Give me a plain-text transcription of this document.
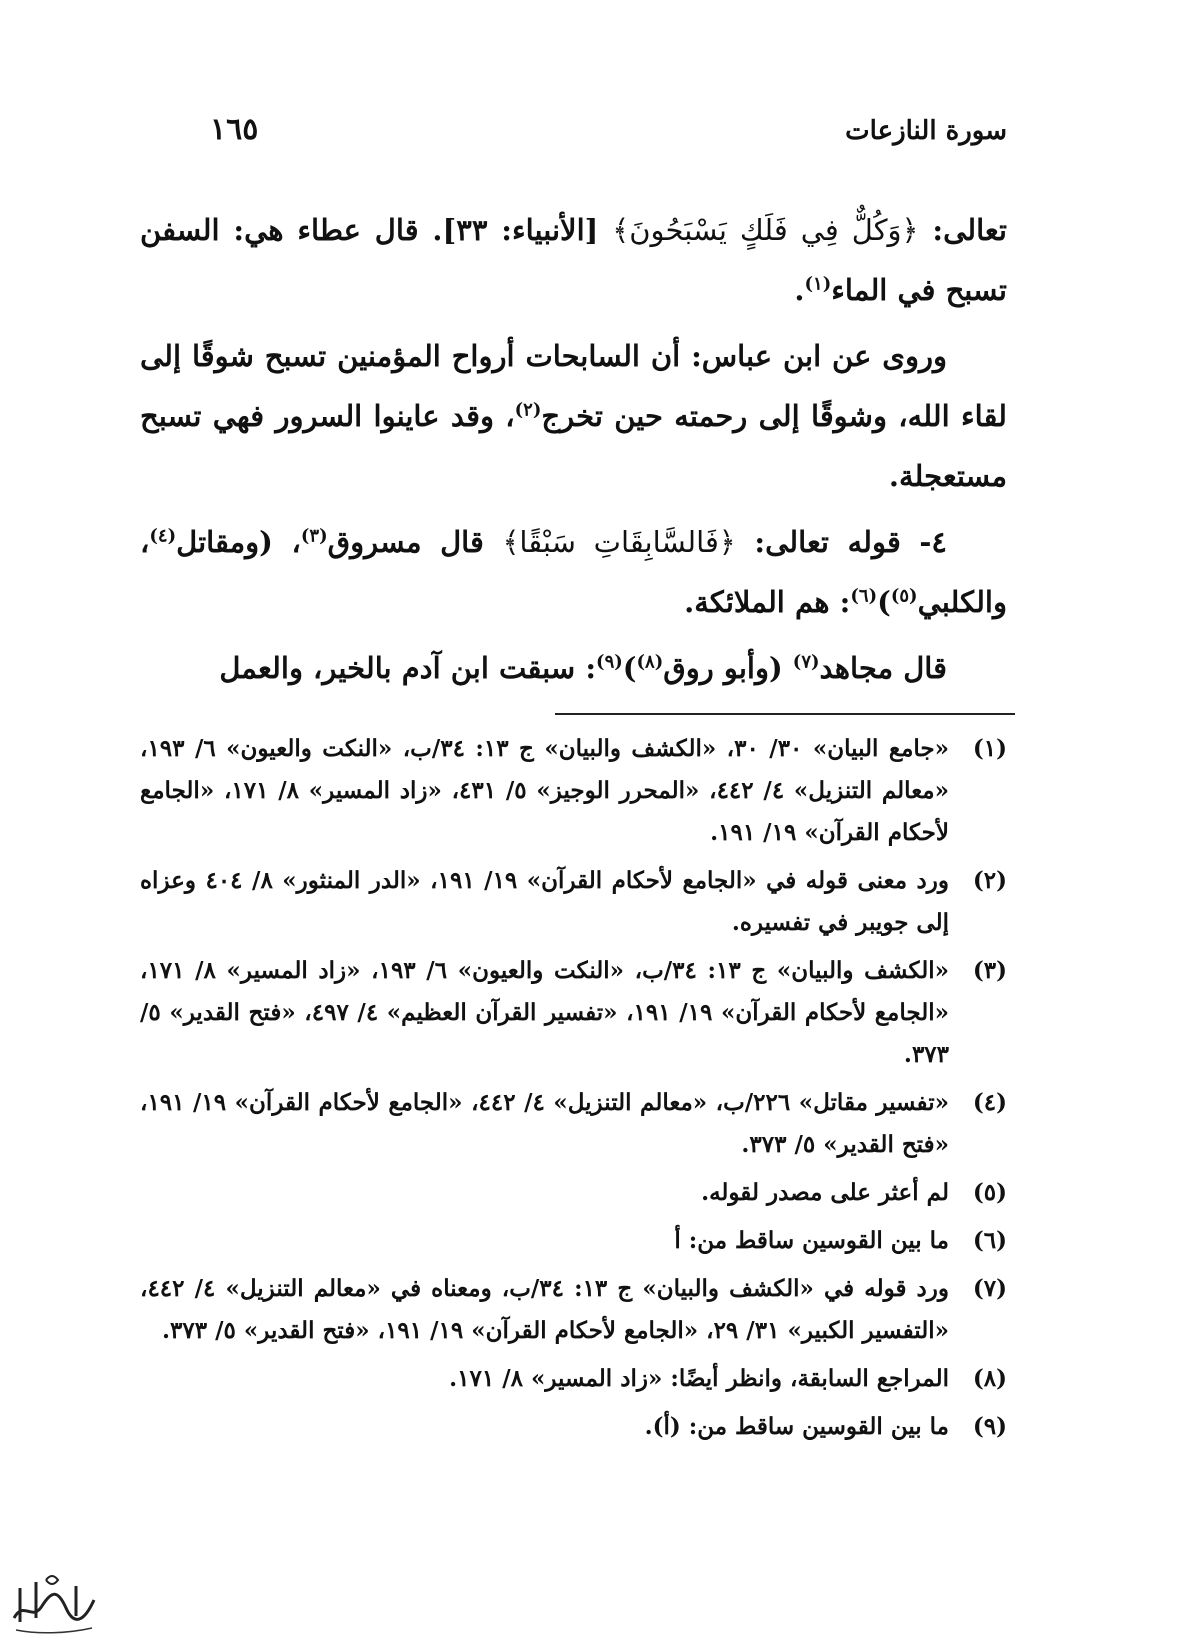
سورة النازعات
١٦٥

تعالى: ﴿وَكُلٌّ فِي فَلَكٍ يَسْبَحُونَ﴾ [الأنبياء: ٣٣]. قال عطاء هي: السفن تسبح في الماء$^{(١)}$.

وروى عن ابن عباس: أن السابحات أرواح المؤمنين تسبح شوقًا إلى لقاء الله، وشوقًا إلى رحمته حين تخرج$^{(٢)}$، وقد عاينوا السرور فهي تسبح مستعجلة.

٤- قوله تعالى: ﴿فَالسَّابِقَاتِ سَبْقًا﴾ قال مسروق$^{(٣)}$، (ومقاتل$^{(٤)}$، والكلبي$^{(٥)}$)$^{(٦)}$: هم الملائكة.

قال مجاهد$^{(٧)}$ (وأبو روق$^{(٨)}$)$^{(٩)}$: سبقت ابن آدم بالخير، والعمل

(١)
«جامع البيان» ٣٠/ ٣٠، «الكشف والبيان» ج ١٣: ٣٤/ب، «النكت والعيون» ٦/ ١٩٣، «معالم التنزيل» ٤/ ٤٤٢، «المحرر الوجيز» ٥/ ٤٣١، «زاد المسير» ٨/ ١٧١، «الجامع لأحكام القرآن» ١٩/ ١٩١.
(٢)
ورد معنى قوله في «الجامع لأحكام القرآن» ١٩/ ١٩١، «الدر المنثور» ٨/ ٤٠٤ وعزاه إلى جويبر في تفسيره.
(٣)
«الكشف والبيان» ج ١٣: ٣٤/ب، «النكت والعيون» ٦/ ١٩٣، «زاد المسير» ٨/ ١٧١، «الجامع لأحكام القرآن» ١٩/ ١٩١، «تفسير القرآن العظيم» ٤/ ٤٩٧، «فتح القدير» ٥/ ٣٧٣.
(٤)
«تفسير مقاتل» ٢٢٦/ب، «معالم التنزيل» ٤/ ٤٤٢، «الجامع لأحكام القرآن» ١٩/ ١٩١، «فتح القدير» ٥/ ٣٧٣.
(٥)
لم أعثر على مصدر لقوله.
(٦)
ما بين القوسين ساقط من: أ
(٧)
ورد قوله في «الكشف والبيان» ج ١٣: ٣٤/ب، ومعناه في «معالم التنزيل» ٤/ ٤٤٢، «التفسير الكبير» ٣١/ ٢٩، «الجامع لأحكام القرآن» ١٩/ ١٩١، «فتح القدير» ٥/ ٣٧٣.
(٨)
المراجع السابقة، وانظر أيضًا: «زاد المسير» ٨/ ١٧١.
(٩)
ما بين القوسين ساقط من: (أ).
